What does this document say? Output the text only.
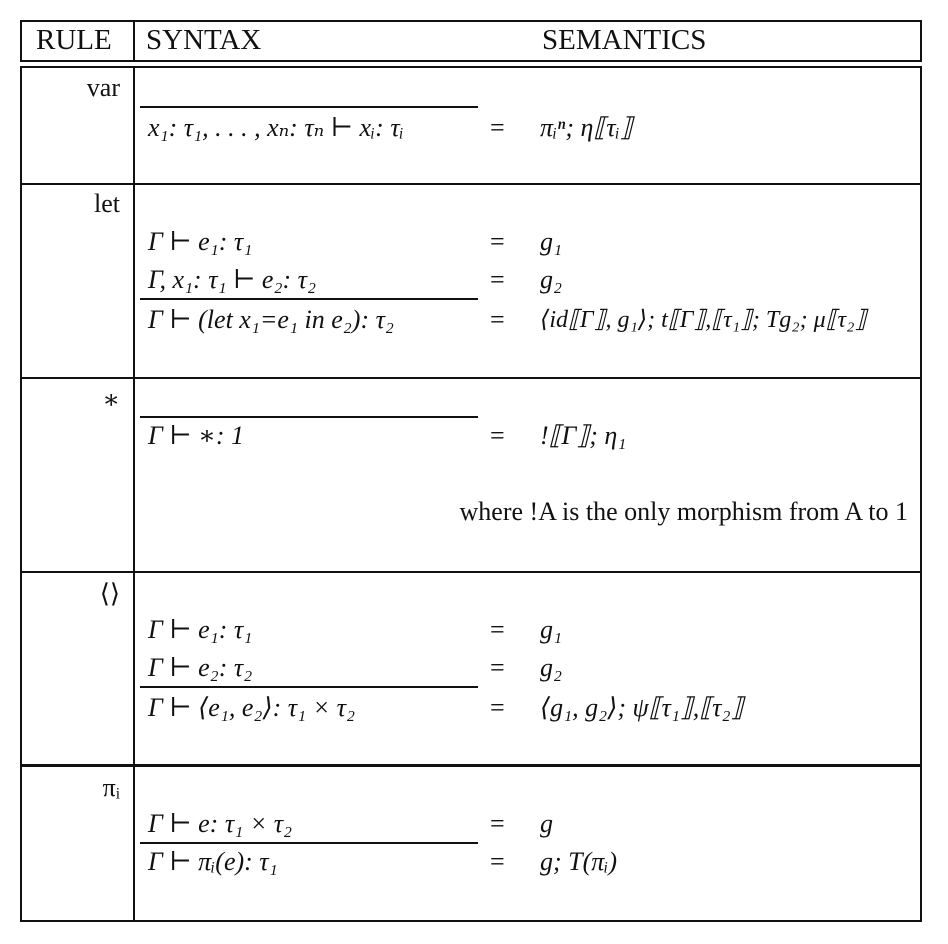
RULE SYNTAX	SEMANTICS
var
x₁: τ₁, . . . , xₙ: τₙ ⊢ xᵢ: τᵢ	= πᵢⁿ; η⟦τᵢ⟧
let
Γ ⊢ e₁: τ₁	= g₁
Γ, x₁: τ₁ ⊢ e₂: τ₂	= g₂
Γ ⊢ (let x₁=e₁ in e₂): τ₂	= ⟨id⟦Γ⟧, g₁⟩; t⟦Γ⟧,⟦τ₁⟧; Tg₂; μ⟦τ₂⟧
∗
Γ ⊢ ∗: 1	= !⟦Γ⟧; η₁
where !A is the only morphism from A to 1
⟨⟩
Γ ⊢ e₁: τ₁	= g₁
Γ ⊢ e₂: τ₂	= g₂
Γ ⊢ ⟨e₁, e₂⟩: τ₁ × τ₂	= ⟨g₁, g₂⟩; ψ⟦τ₁⟧,⟦τ₂⟧
πᵢ
Γ ⊢ e: τ₁ × τ₂	= g
Γ ⊢ πᵢ(e): τ₁	= g; T(πᵢ)
